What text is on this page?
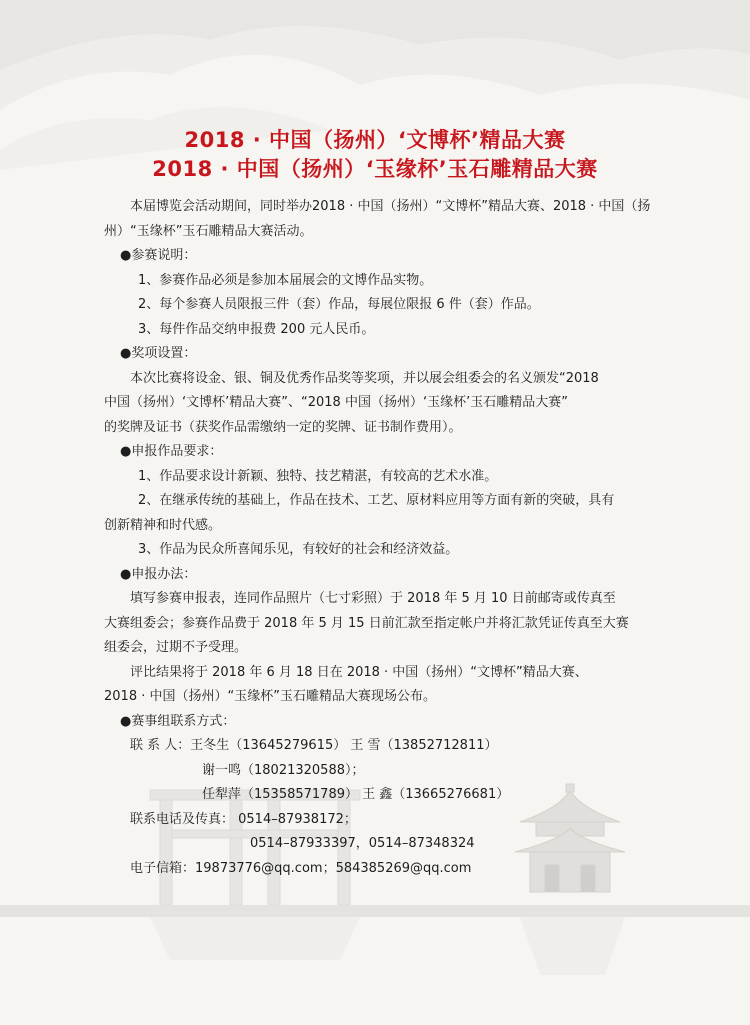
2018 · 中国（扬州）‘文博杯’精品大赛
2018 · 中国（扬州）‘玉缘杯’玉石雕精品大赛

本届博览会活动期间，同时举办2018 · 中国（扬州）“文博杯”精品大赛、2018 · 中国（扬

州）“玉缘杯”玉石雕精品大赛活动。

●参赛说明：

1、参赛作品必须是参加本届展会的文博作品实物。

2、每个参赛人员限报三件（套）作品，每展位限报 6 件（套）作品。

3、每件作品交纳申报费 200 元人民币。

●奖项设置：

本次比赛将设金、银、铜及优秀作品奖等奖项，并以展会组委会的名义颁发“2018

中国（扬州）‘文博杯’精品大赛”、“2018 中国（扬州）‘玉缘杯’玉石雕精品大赛”

的奖牌及证书（获奖作品需缴纳一定的奖牌、证书制作费用）。

●申报作品要求：

1、作品要求设计新颖、独特、技艺精湛，有较高的艺术水准。

2、在继承传统的基础上，作品在技术、工艺、原材料应用等方面有新的突破，具有

创新精神和时代感。

3、作品为民众所喜闻乐见，有较好的社会和经济效益。

●申报办法：

填写参赛申报表，连同作品照片（七寸彩照）于 2018 年 5 月 10 日前邮寄或传真至

大赛组委会；参赛作品费于 2018 年 5 月 15 日前汇款至指定帐户并将汇款凭证传真至大赛

组委会，过期不予受理。

评比结果将于 2018 年 6 月 18 日在 2018 · 中国（扬州）“文博杯”精品大赛、

2018 · 中国（扬州）“玉缘杯”玉石雕精品大赛现场公布。

●赛事组联系方式：

联 系 人：王冬生（13645279615） 王 雪（13852712811）

谢一鸣（18021320588）；

任犁萍（15358571789） 王 鑫（13665276681）

联系电话及传真： 0514–87938172；

0514–87933397，0514–87348324

电子信箱：19873776@qq.com；584385269@qq.com
